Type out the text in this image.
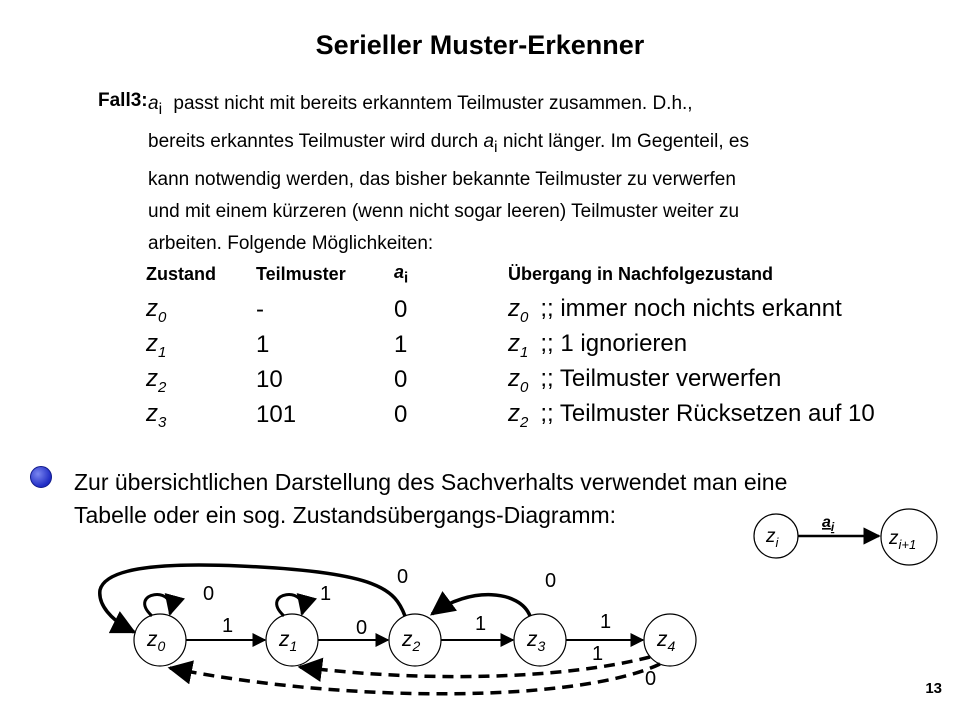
Serieller Muster-Erkenner
Fall3: $a_i$ passt nicht mit bereits erkanntem Teilmuster zusammen. D.h.,
bereits erkanntes Teilmuster wird durch $a_i$ nicht länger. Im Gegenteil, es
kann notwendig werden, das bisher bekannte Teilmuster zu verwerfen
und mit einem kürzeren (wenn nicht sogar leeren) Teilmuster weiter zu
arbeiten. Folgende Möglichkeiten:
Zustand	Teilmuster	$a_i$	Übergang in Nachfolgezustand
$z_0$	-	0	$z_0$ ;; immer noch nichts erkannt
$z_1$	1	1	$z_1$ ;; 1 ignorieren
$z_2$	10	0	$z_0$ ;; Teilmuster verwerfen
$z_3$	101	0	$z_2$ ;; Teilmuster Rücksetzen auf 10
Zur übersichtlichen Darstellung des Sachverhalts verwendet man eine
Tabelle oder ein sog. Zustandsübergangs-Diagramm:
$z_i$
$a_i$
$z_{i+1}$
$z_0$	$z_1$	$z_2$	$z_3$	$z_4$
0
1
1
0
0
1
0
1
1
0	13
